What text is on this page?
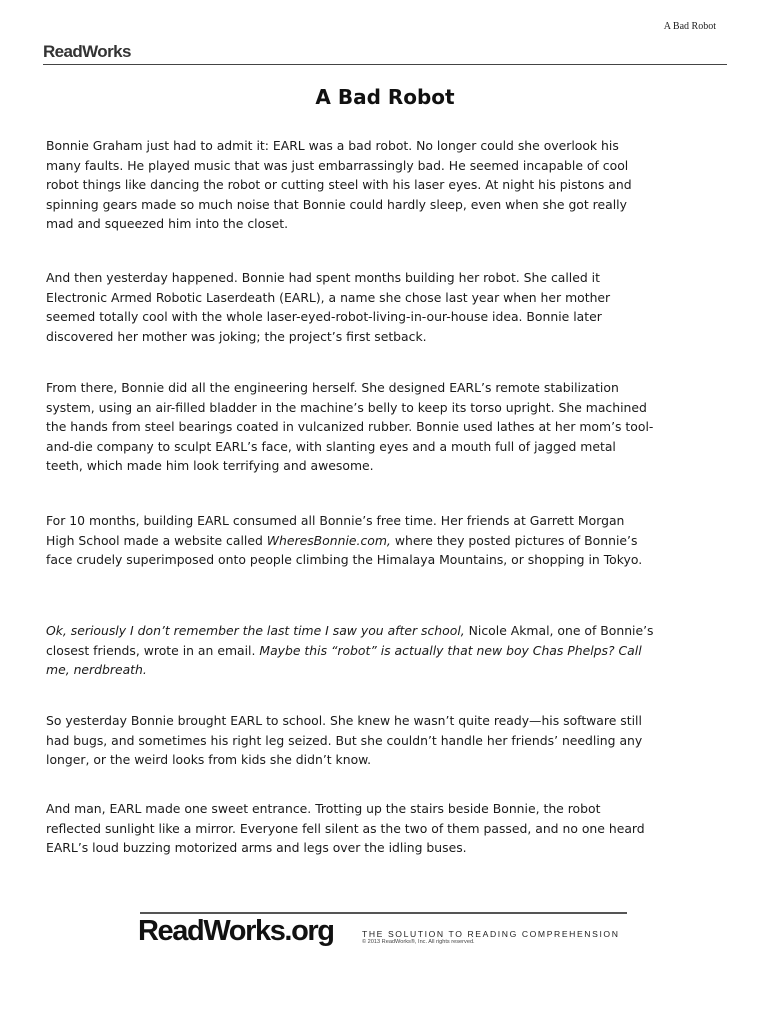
A Bad Robot
ReadWorks
A Bad Robot

Bonnie Graham just had to admit it: EARL was a bad robot. No longer could she overlook his many faults. He played music that was just embarrassingly bad. He seemed incapable of cool robot things like dancing the robot or cutting steel with his laser eyes. At night his pistons and spinning gears made so much noise that Bonnie could hardly sleep, even when she got really mad and squeezed him into the closet.

And then yesterday happened. Bonnie had spent months building her robot. She called it Electronic Armed Robotic Laserdeath (EARL), a name she chose last year when her mother seemed totally cool with the whole laser-eyed-robot-living-in-our-house idea. Bonnie later discovered her mother was joking; the project’s first setback.

From there, Bonnie did all the engineering herself. She designed EARL’s remote stabilization system, using an air-filled bladder in the machine’s belly to keep its torso upright. She machined the hands from steel bearings coated in vulcanized rubber. Bonnie used lathes at her mom’s tool-and-die company to sculpt EARL’s face, with slanting eyes and a mouth full of jagged metal teeth, which made him look terrifying and awesome.

For 10 months, building EARL consumed all Bonnie’s free time. Her friends at Garrett Morgan High School made a website called WheresBonnie.com, where they posted pictures of Bonnie’s face crudely superimposed onto people climbing the Himalaya Mountains, or shopping in Tokyo.

Ok, seriously I don’t remember the last time I saw you after school, Nicole Akmal, one of Bonnie’s closest friends, wrote in an email. Maybe this “robot” is actually that new boy Chas Phelps? Call me, nerdbreath.

So yesterday Bonnie brought EARL to school. She knew he wasn’t quite ready—his software still had bugs, and sometimes his right leg seized. But she couldn’t handle her friends’ needling any longer, or the weird looks from kids she didn’t know.

And man, EARL made one sweet entrance. Trotting up the stairs beside Bonnie, the robot reflected sunlight like a mirror. Everyone fell silent as the two of them passed, and no one heard EARL’s loud buzzing motorized arms and legs over the idling buses.

ReadWorks.org	THE SOLUTION TO READING COMPREHENSION
© 2013 ReadWorks®, Inc. All rights reserved.
